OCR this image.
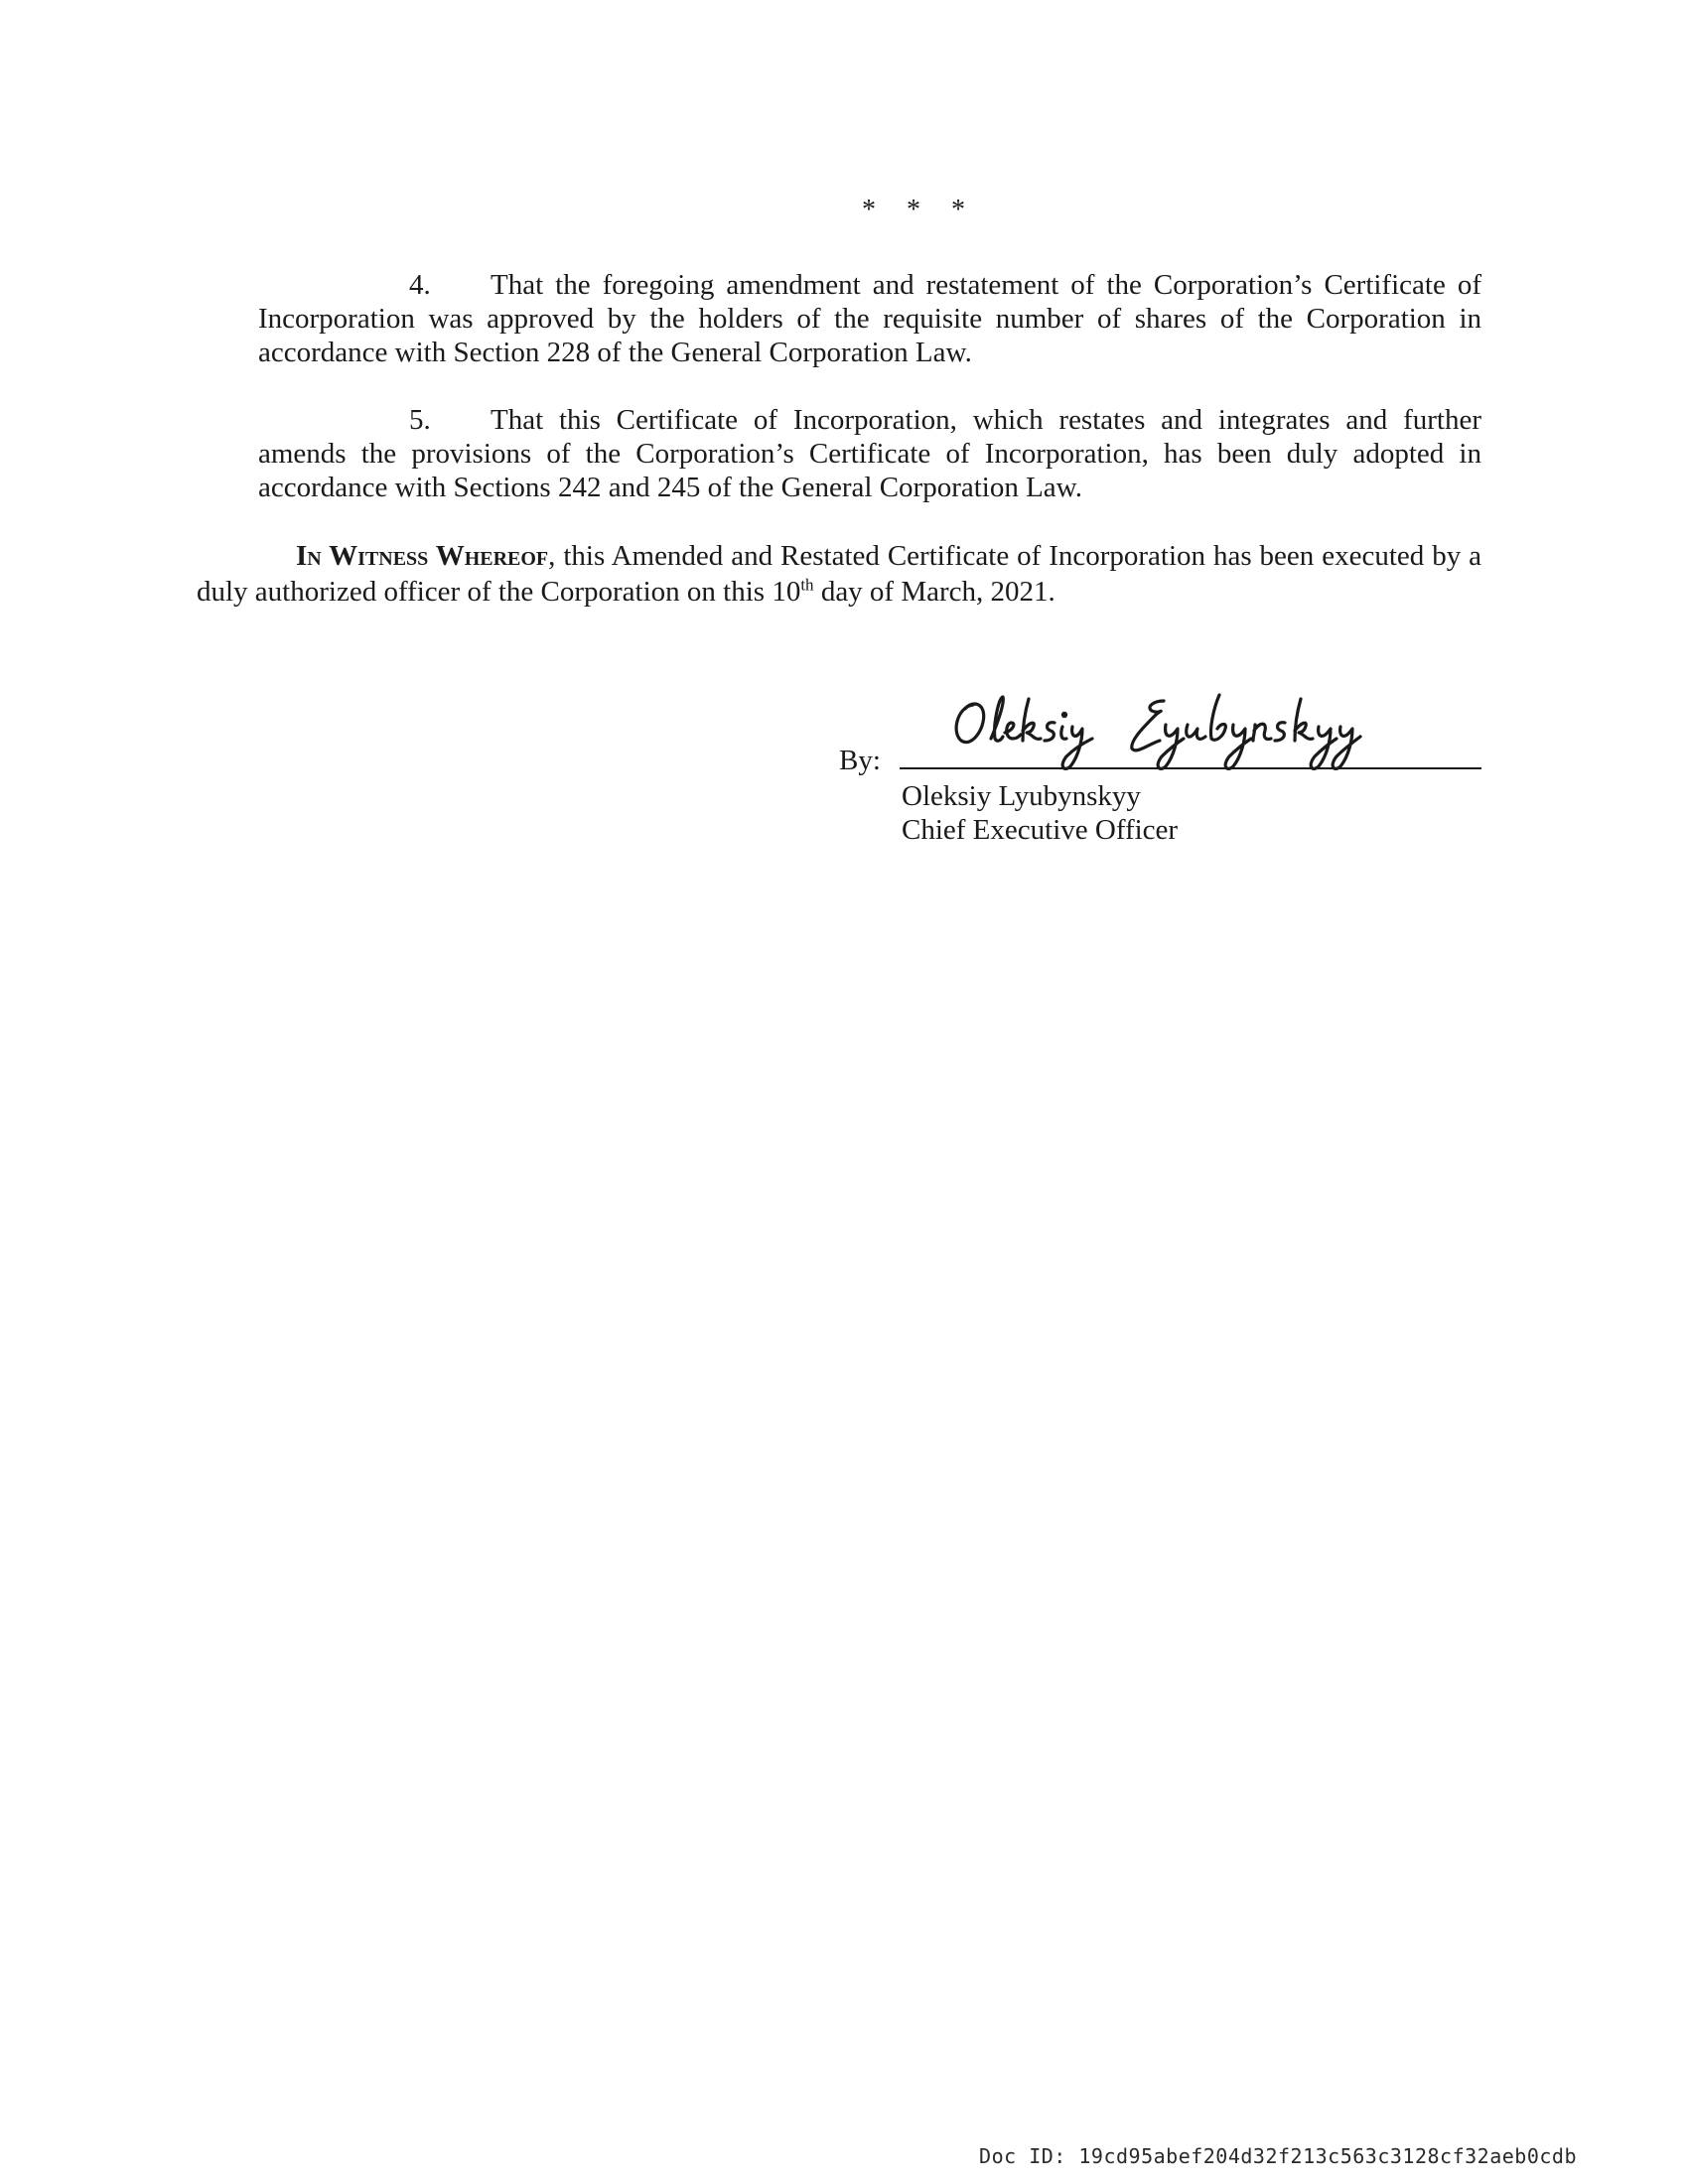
* * *
4. That the foregoing amendment and restatement of the Corporation’s Certificate of Incorporation was approved by the holders of the requisite number of shares of the Corporation in accordance with Section 228 of the General Corporation Law.
5. That this Certificate of Incorporation, which restates and integrates and further amends the provisions of the Corporation’s Certificate of Incorporation, has been duly adopted in accordance with Sections 242 and 245 of the General Corporation Law.
In Witness Whereof, this Amended and Restated Certificate of Incorporation has been executed by a duly authorized officer of the Corporation on this 10th day of March, 2021.
By:
Oleksiy Lyubynskyy
Chief Executive Officer
Doc ID: 19cd95abef204d32f213c563c3128cf32aeb0cdb
